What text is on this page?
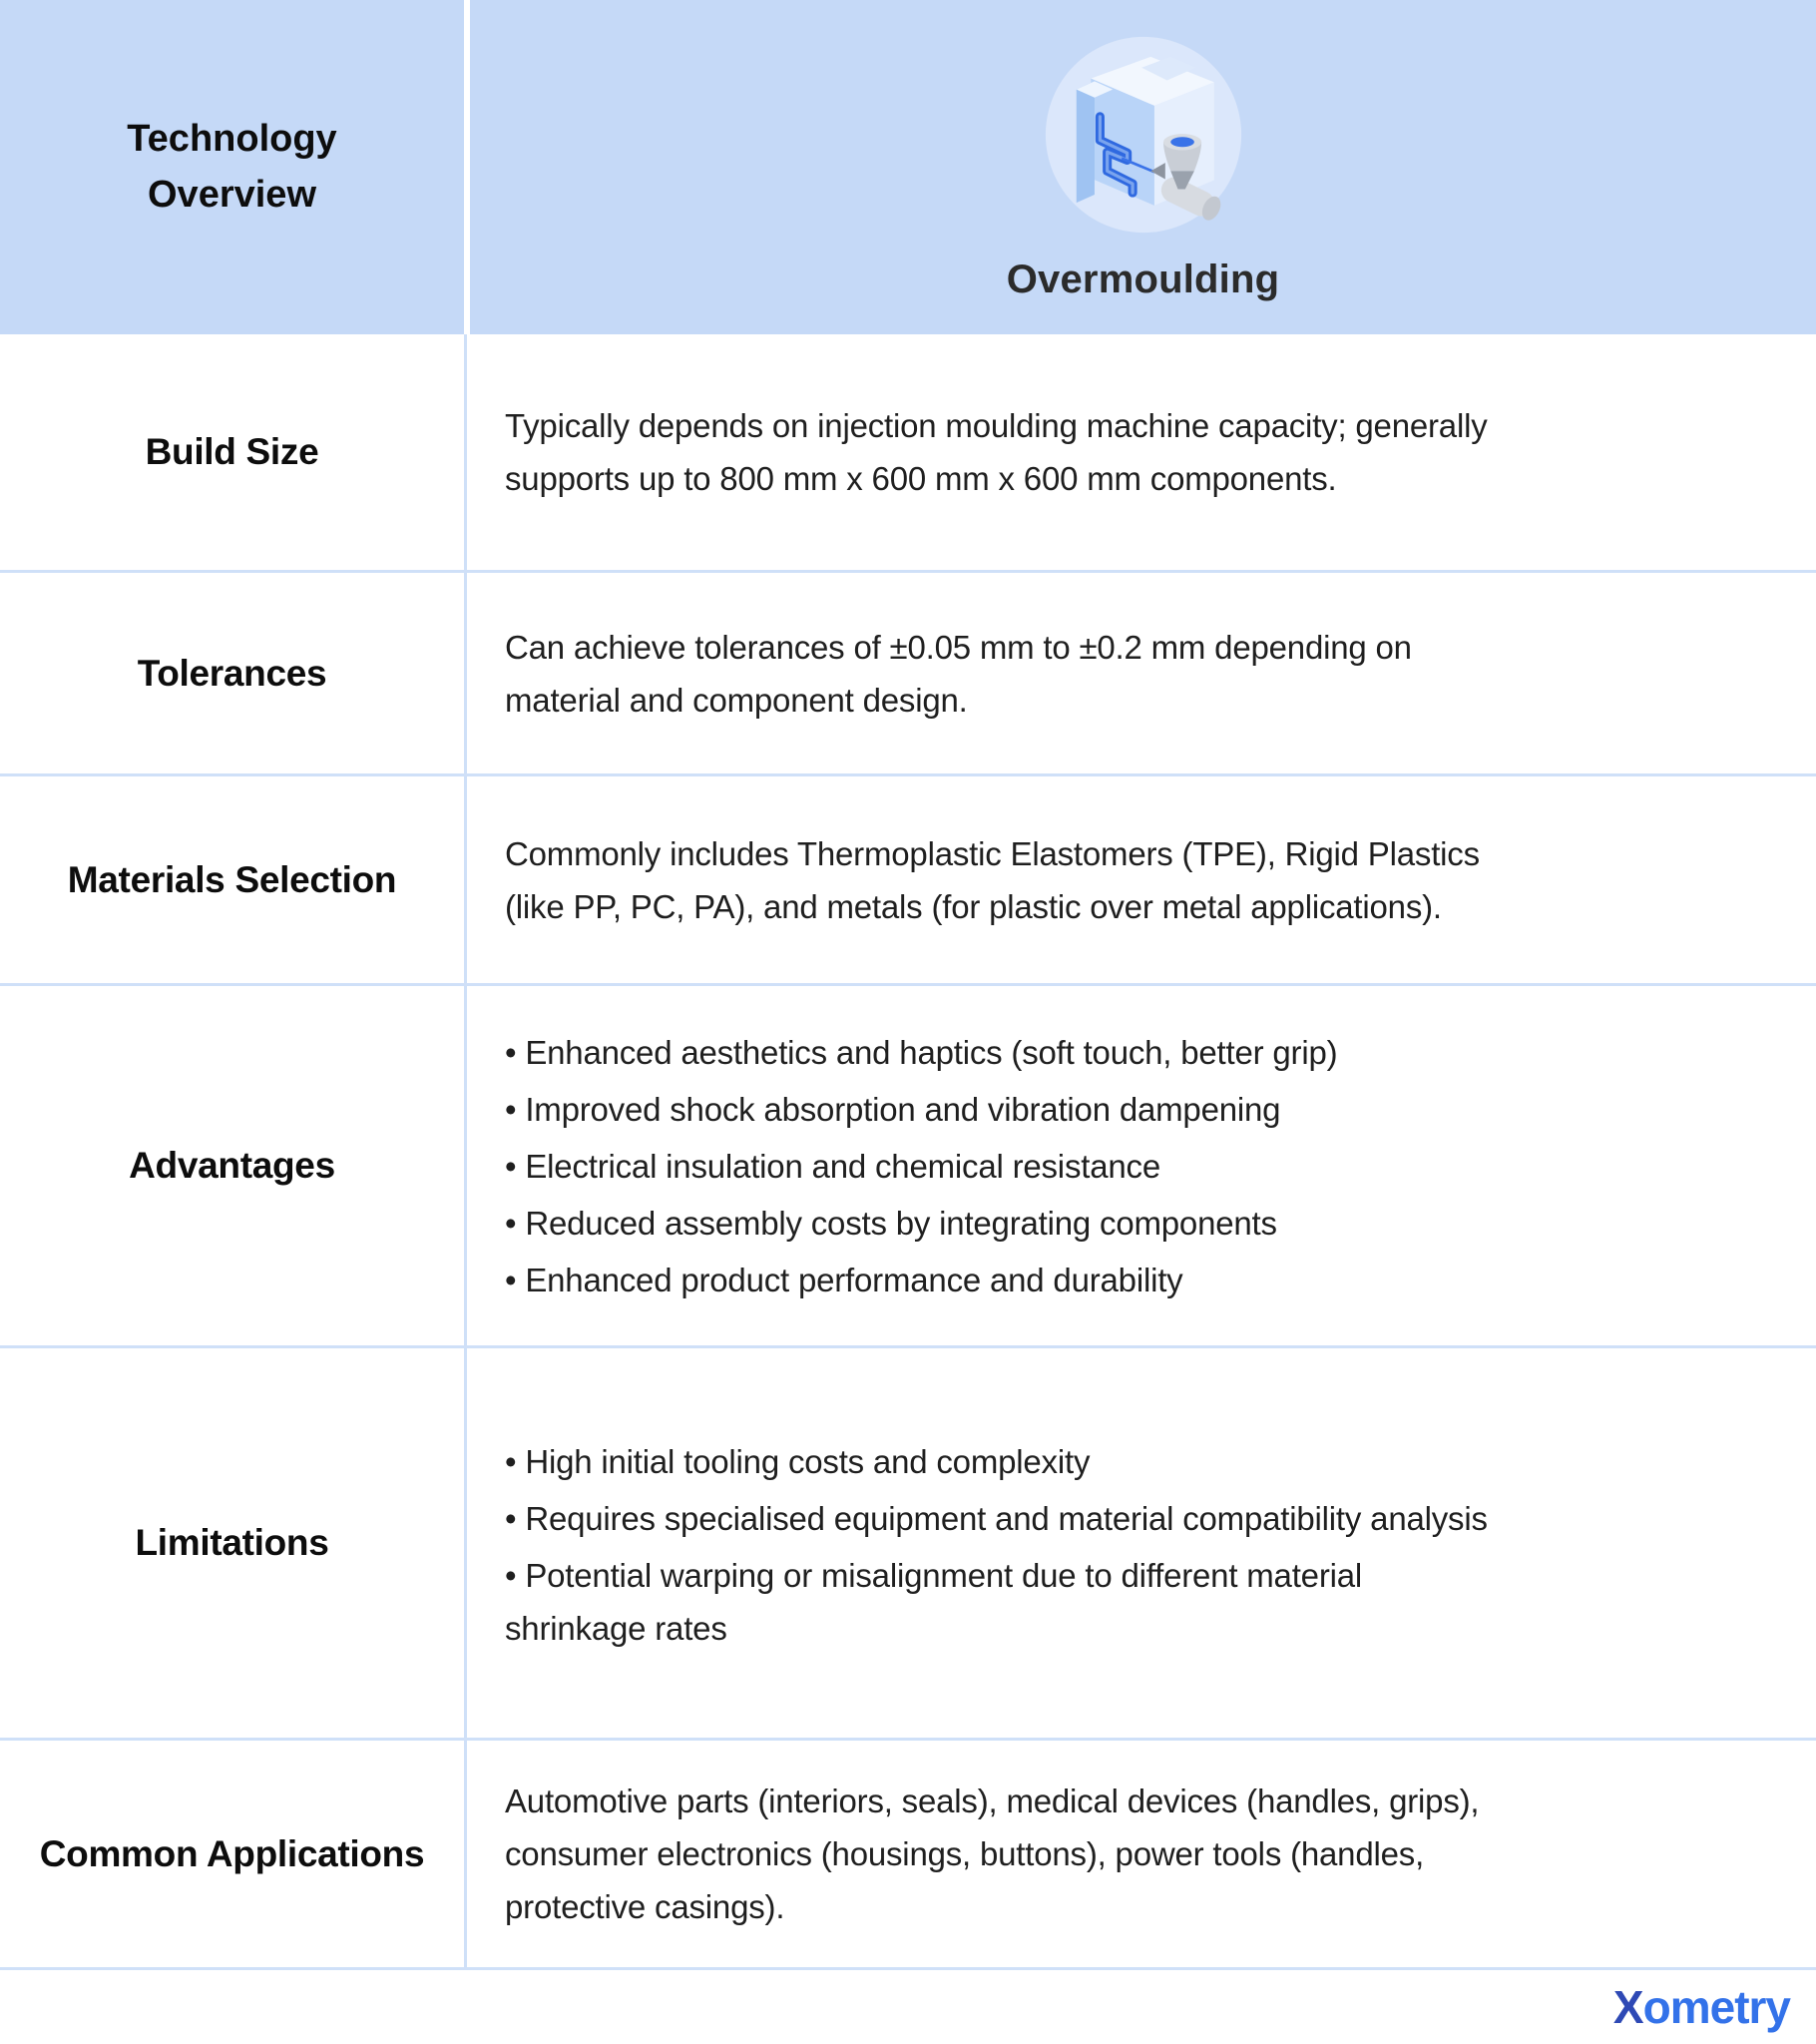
Technology Overview
Overmoulding
Build Size
Typically depends on injection moulding machine capacity; generally
supports up to 800 mm x 600 mm x 600 mm components.
Tolerances
Can achieve tolerances of ±0.05 mm to ±0.2 mm depending on
material and component design.
Materials Selection
Commonly includes Thermoplastic Elastomers (TPE), Rigid Plastics
(like PP, PC, PA), and metals (for plastic over metal applications).
Advantages
• Enhanced aesthetics and haptics (soft touch, better grip)
• Improved shock absorption and vibration dampening
• Electrical insulation and chemical resistance
• Reduced assembly costs by integrating components
• Enhanced product performance and durability
Limitations
• High initial tooling costs and complexity
• Requires specialised equipment and material compatibility analysis
• Potential warping or misalignment due to different material
shrinkage rates
Common Applications
Automotive parts (interiors, seals), medical devices (handles, grips),
consumer electronics (housings, buttons), power tools (handles,
protective casings).
Xometry
